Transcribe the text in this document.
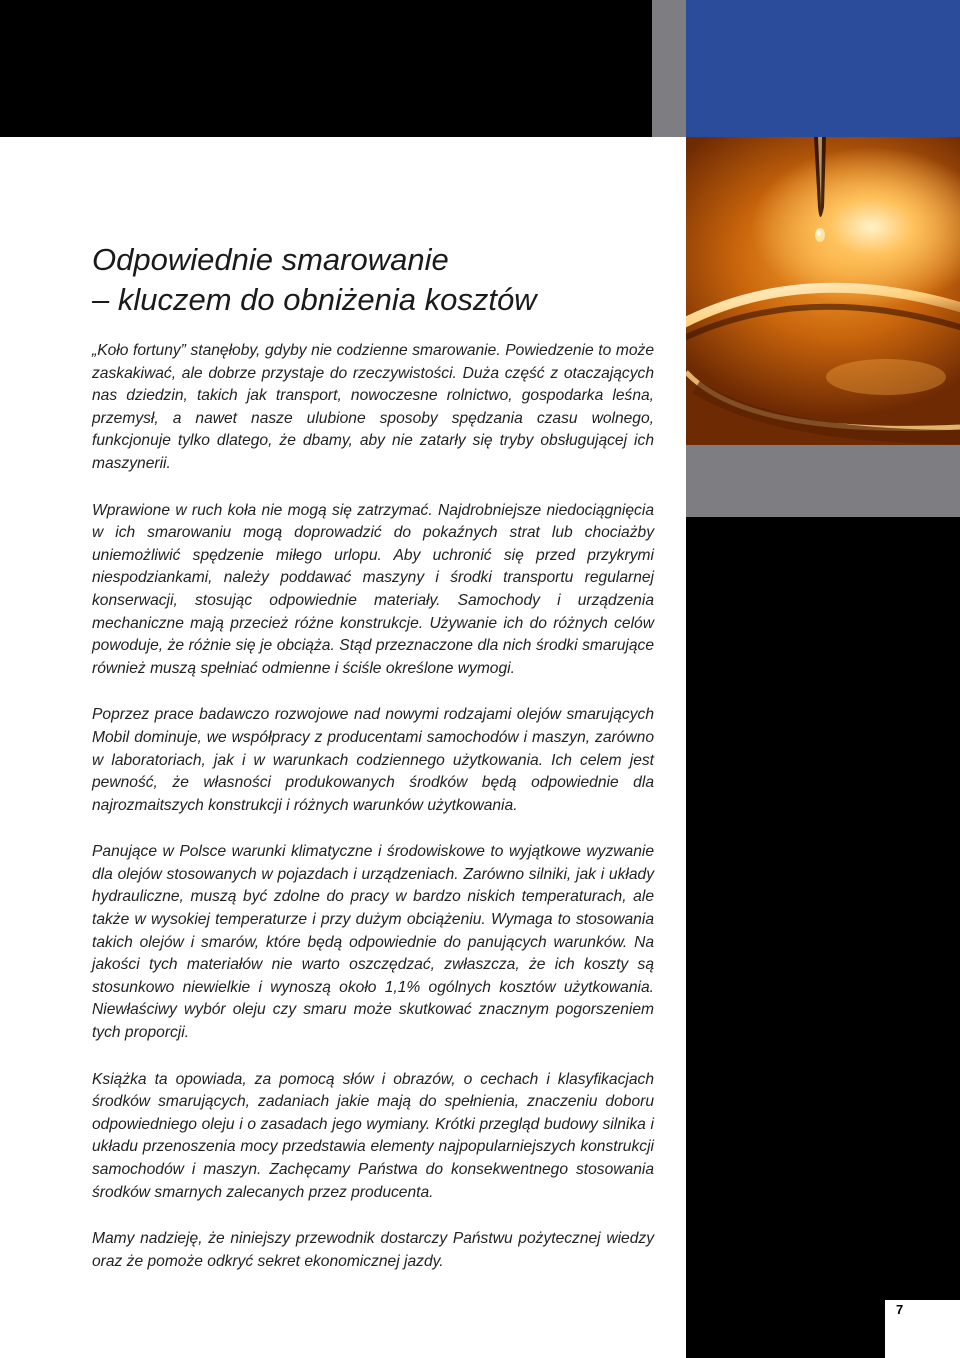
7
Odpowiednie smarowanie
– kluczem do obniżenia kosztów

„Koło fortuny” stanęłoby, gdyby nie codzienne smarowanie. Powiedzenie to może zaskakiwać, ale dobrze przystaje do rzeczywistości. Duża część z otaczających nas dziedzin, takich jak transport, nowoczesne rolnictwo, gospodarka leśna, przemysł, a nawet nasze ulubione sposoby spędzania czasu wolnego, funkcjonuje tylko dlatego, że dbamy, aby nie zatarły się tryby obsługującej ich maszynerii.

Wprawione w ruch koła nie mogą się zatrzymać. Najdrobniejsze niedociągnięcia w ich smarowaniu mogą doprowadzić do pokaźnych strat lub chociażby uniemożliwić spędzenie miłego urlopu. Aby uchronić się przed przykrymi niespodziankami, należy poddawać maszyny i środki transportu regularnej konserwacji, stosując odpowiednie materiały. Samochody i urządzenia mechaniczne mają przecież różne konstrukcje. Używanie ich do różnych celów powoduje, że różnie się je obciąża. Stąd przeznaczone dla nich środki smarujące również muszą spełniać odmienne i ściśle określone wymogi.

Poprzez prace badawczo rozwojowe nad nowymi rodzajami olejów smarujących Mobil dominuje, we współpracy z producentami samochodów i maszyn, zarówno w laboratoriach, jak i w warunkach codziennego użytkowania. Ich celem jest pewność, że własności produkowanych środków będą odpowiednie dla najrozmaitszych konstrukcji i różnych warunków użytkowania.

Panujące w Polsce warunki klimatyczne i środowiskowe to wyjątkowe wyzwanie dla olejów stosowanych w pojazdach i urządzeniach. Zarówno silniki, jak i układy hydrauliczne, muszą być zdolne do pracy w bardzo niskich temperaturach, ale także w wysokiej temperaturze i przy dużym obciążeniu. Wymaga to stosowania takich olejów i smarów, które będą odpowiednie do panujących warunków. Na jakości tych materiałów nie warto oszczędzać, zwłaszcza, że ich koszty są stosunkowo niewielkie i wynoszą około 1,1% ogólnych kosztów użytkowania. Niewłaściwy wybór oleju czy smaru może skutkować znacznym pogorszeniem tych proporcji.

Książka ta opowiada, za pomocą słów i obrazów, o cechach i klasyfikacjach środków smarujących, zadaniach jakie mają do spełnienia, znaczeniu doboru odpowiedniego oleju i o zasadach jego wymiany. Krótki przegląd budowy silnika i układu przenoszenia mocy przedstawia elementy najpopularniejszych konstrukcji samochodów i maszyn. Zachęcamy Państwa do konsekwentnego stosowania środków smarnych zalecanych przez producenta.

Mamy nadzieję, że niniejszy przewodnik dostarczy Państwu pożytecznej wiedzy oraz że pomoże odkryć sekret ekonomicznej jazdy.
